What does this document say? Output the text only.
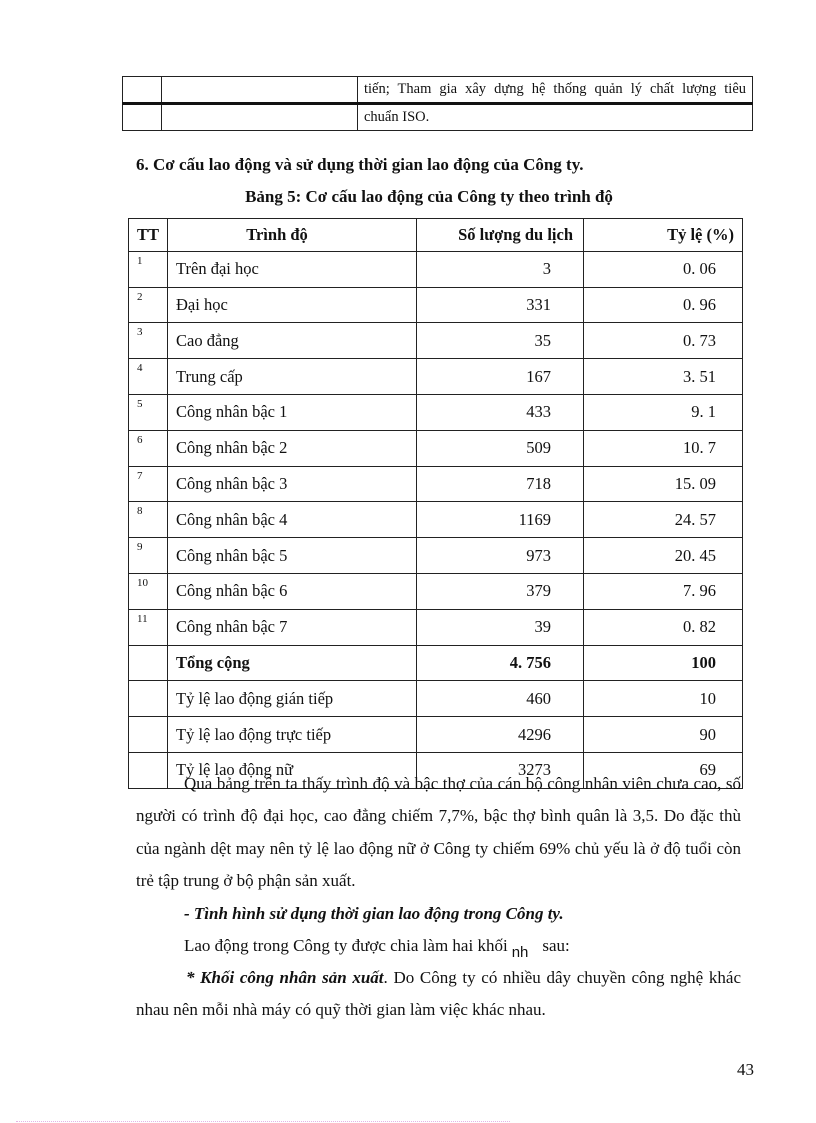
		tiến; Tham gia xây dựng hệ thống quản lý chất lượng tiêu
		chuẩn ISO.
6. Cơ cấu lao động và sử dụng thời gian lao động của Công ty.
Bảng 5: Cơ cấu lao động của Công ty theo trình độ
TT	Trình độ	Số lượng du lịch	Tỷ lệ (%)
1	Trên đại học	3	0. 06
2	Đại học	331	0. 96
3	Cao đẳng	35	0. 73
4	Trung cấp	167	3. 51
5	Công nhân bậc 1	433	9. 1
6	Công nhân bậc 2	509	10. 7
7	Công nhân bậc 3	718	15. 09
8	Công nhân bậc 4	1169	24. 57
9	Công nhân bậc 5	973	20. 45
10	Công nhân bậc 6	379	7. 96
11	Công nhân bậc 7	39	0. 82
	Tổng cộng	4. 756	100
	Tỷ lệ lao động gián tiếp	460	10
	Tỷ lệ lao động trực tiếp	4296	90
	Tỷ lệ lao động nữ	3273	69
Qua bảng trên ta thấy trình độ và bậc thợ của cán bộ công nhân viên chưa cao, số người có trình độ đại học, cao đẳng chiếm 7,7%, bậc thợ bình quân là 3,5. Do đặc thù của ngành dệt may nên tỷ lệ lao động nữ ở Công ty chiếm 69% chủ yếu là ở độ tuổi còn trẻ tập trung ở bộ phận sản xuất.
- Tình hình sử dụng thời gian lao động trong Công ty.
Lao động trong Công ty được chia làm hai khối nh sau:
* Khối công nhân sản xuất. Do Công ty có nhiều dây chuyền công nghệ khác nhau nên mỗi nhà máy có quỹ thời gian làm việc khác nhau.
43
